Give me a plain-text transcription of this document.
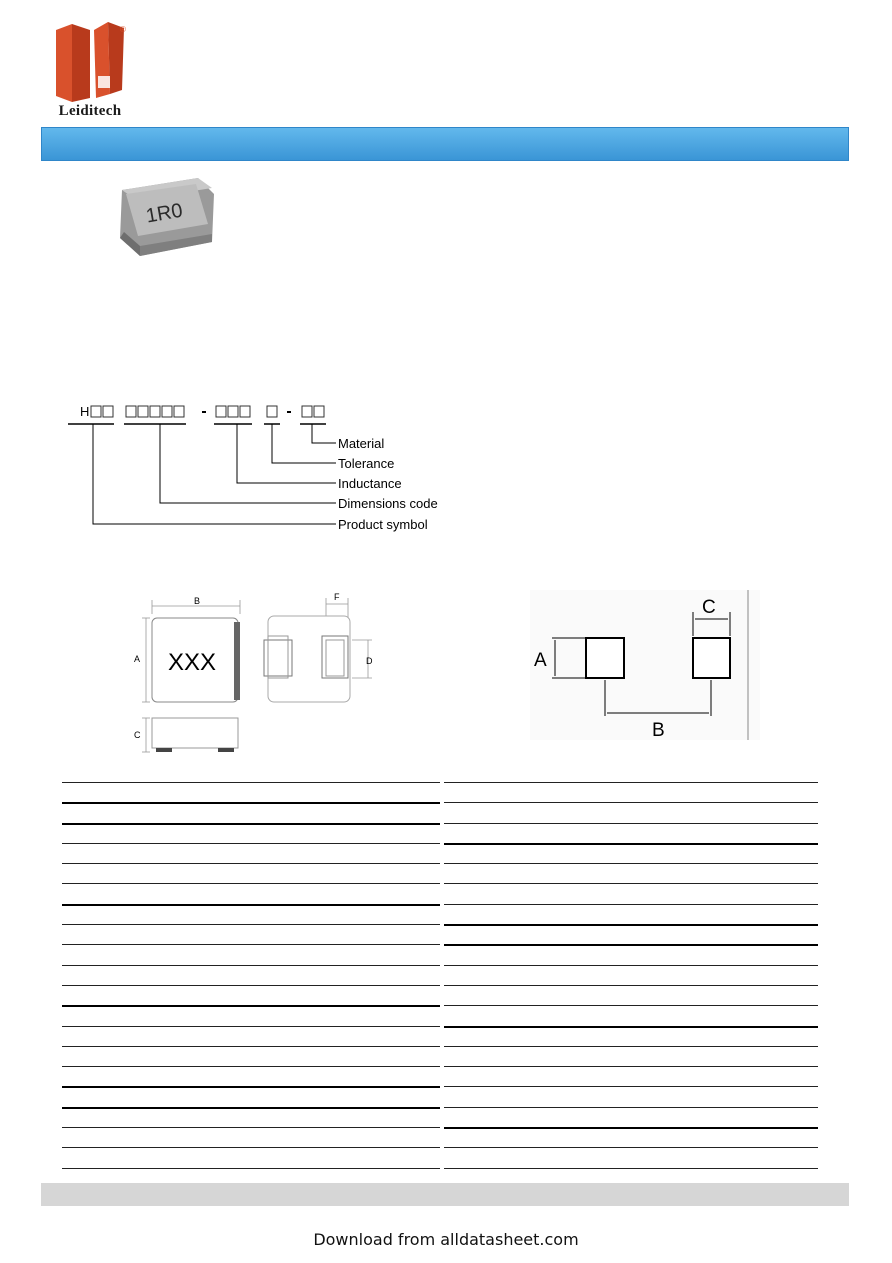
®
Leiditech
1R0
H
Material
Tolerance
Inductance
Dimensions code
Product symbol
XXX
B	F
A	D
C
A
C
B
Download from alldatasheet.com
